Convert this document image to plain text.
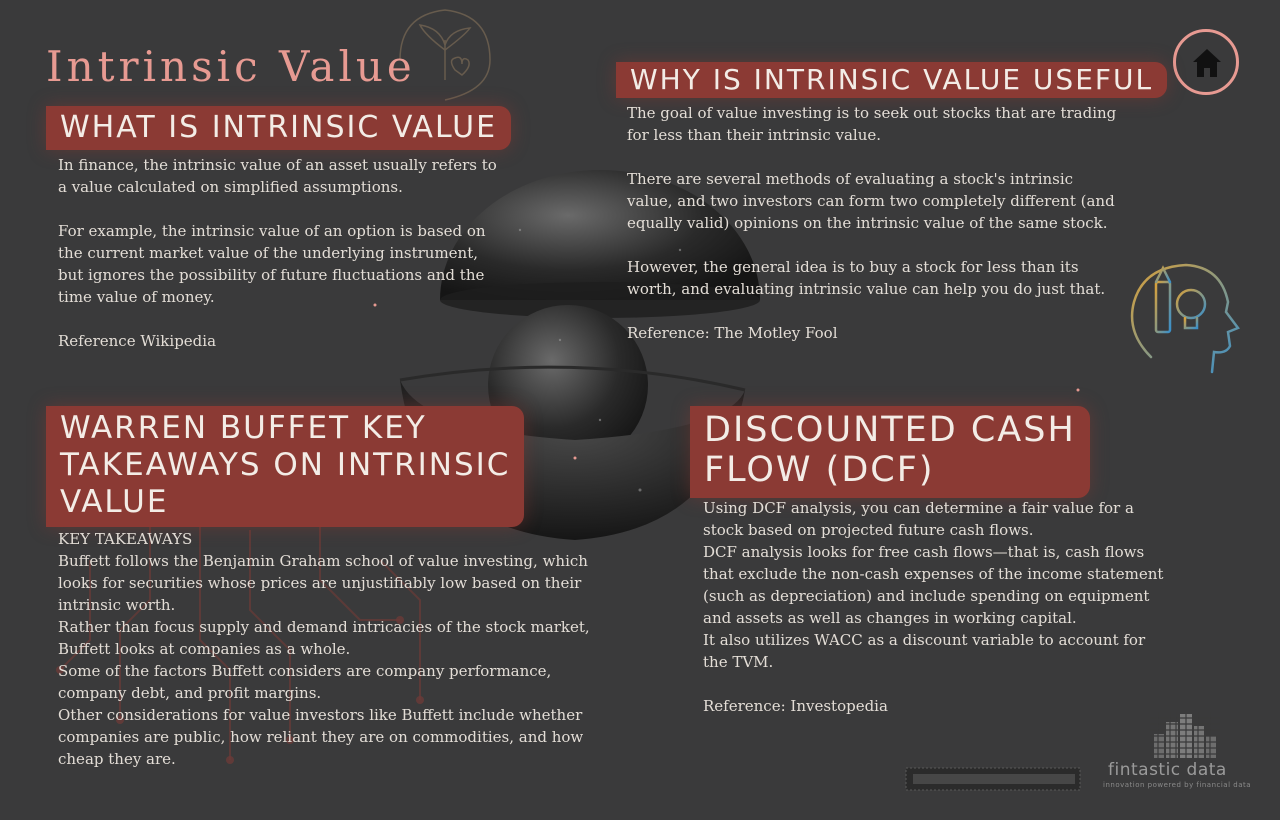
Intrinsic Value
WHAT IS INTRINSIC VALUE

In finance, the intrinsic value of an asset usually refers to a value calculated on simplified assumptions.

For example, the intrinsic value of an option is based on the current market value of the underlying instrument, but ignores the possibility of future fluctuations and the time value of money.

Reference Wikipedia

WHY IS INTRINSIC VALUE USEFUL

The goal of value investing is to seek out stocks that are trading for less than their intrinsic value.

There are several methods of evaluating a stock's intrinsic value, and two investors can form two completely different (and equally valid) opinions on the intrinsic value of the same stock.

However, the general idea is to buy a stock for less than its worth, and evaluating intrinsic value can help you do just that.

Reference: The Motley Fool

WARREN BUFFET KEY
TAKEAWAYS ON INTRINSIC
VALUE

KEY TAKEAWAYS

Buffett follows the Benjamin Graham school of value investing, which looks for securities whose prices are unjustifiably low based on their intrinsic worth.

Rather than focus supply and demand intricacies of the stock market, Buffett looks at companies as a whole.

Some of the factors Buffett considers are company performance, company debt, and profit margins.

Other considerations for value investors like Buffett include whether companies are public, how reliant they are on commodities, and how cheap they are.

DISCOUNTED CASH
FLOW (DCF)

Using DCF analysis, you can determine a fair value for a stock based on projected future cash flows.

DCF analysis looks for free cash flows—that is, cash flows that exclude the non-cash expenses of the income statement (such as depreciation) and include spending on equipment and assets as well as changes in working capital.

It also utilizes WACC as a discount variable to account for the TVM.

Reference: Investopedia

fintastic data
innovation powered by financial data
